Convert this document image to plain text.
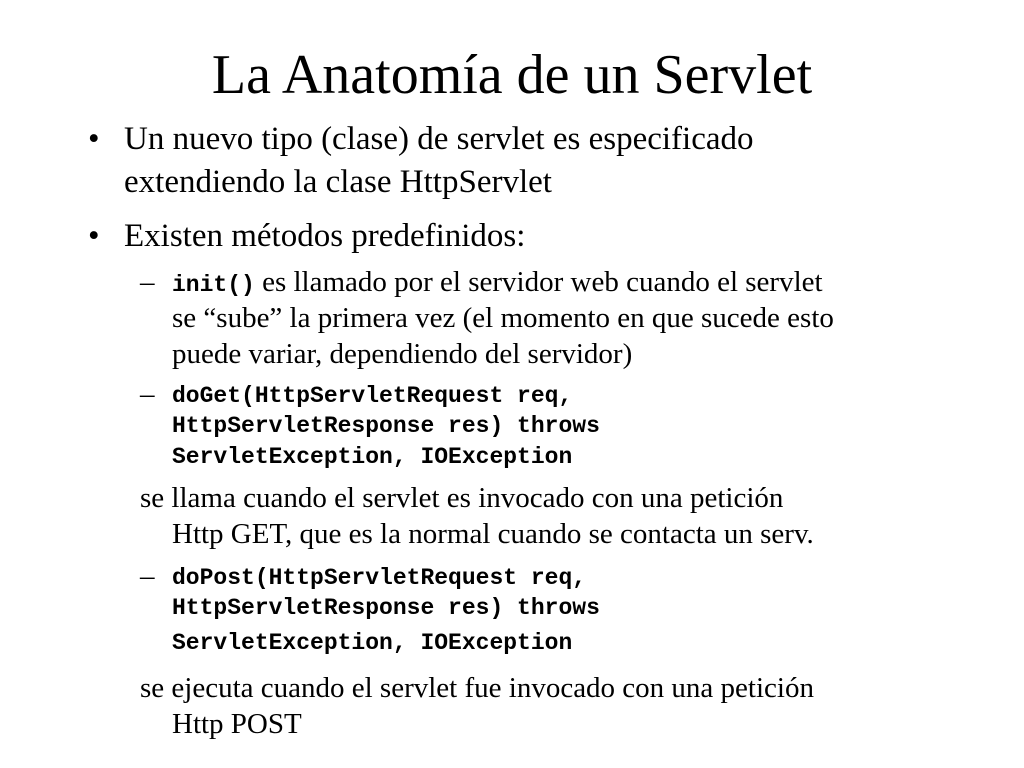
La Anatomía de un Servlet
• Un nuevo tipo (clase) de servlet es especificado
extendiendo la clase HttpServlet
• Existen métodos predefinidos:
– init() es llamado por el servidor web cuando el servlet
se “sube” la primera vez (el momento en que sucede esto
puede variar, dependiendo del servidor)
– doGet(HttpServletRequest req,
HttpServletResponse res) throws
ServletException, IOException
se llama cuando el servlet es invocado con una petición
Http GET, que es la normal cuando se contacta un serv.
– doPost(HttpServletRequest req,
HttpServletResponse res) throws
ServletException, IOException
se ejecuta cuando el servlet fue invocado con una petición
Http POST
